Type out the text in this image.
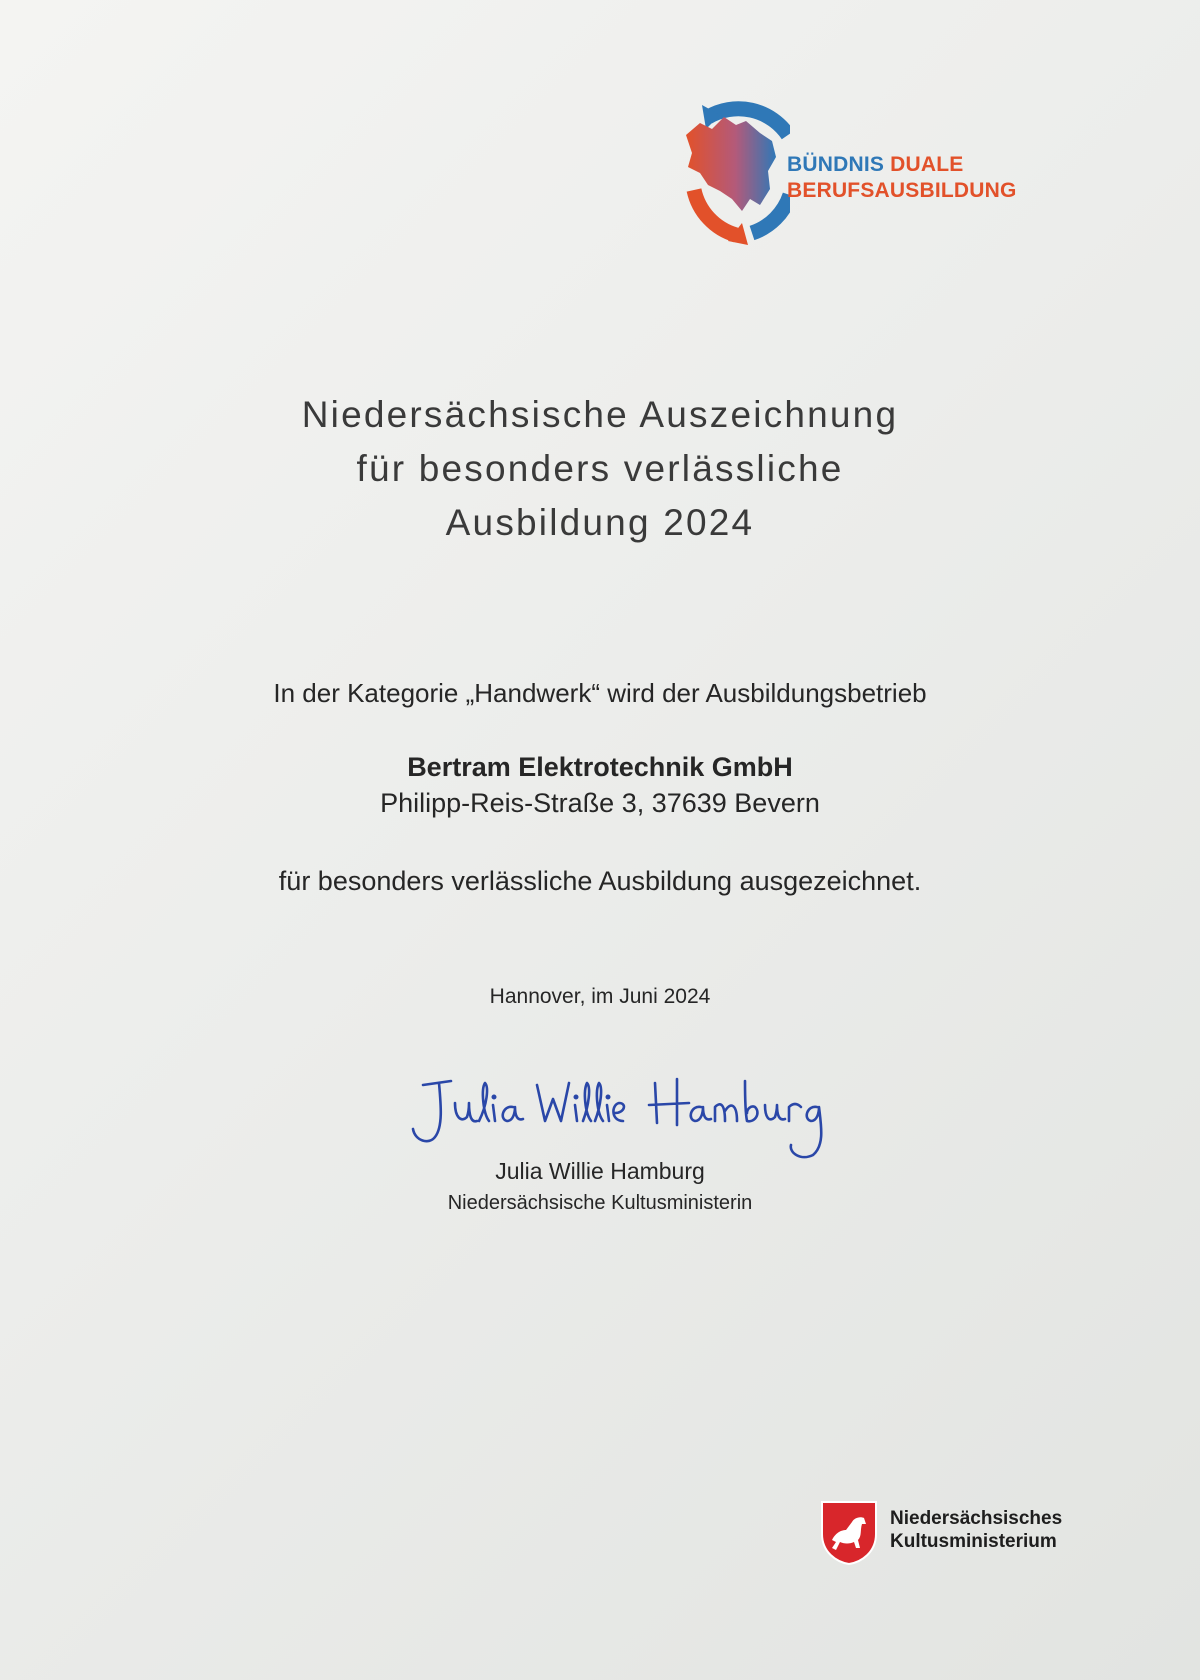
BÜNDNIS DUALE
BERUFSAUSBILDUNG
Niedersächsische Auszeichnung
für besonders verlässliche
Ausbildung 2024
In der Kategorie „Handwerk“ wird der Ausbildungsbetrieb
Bertram Elektrotechnik GmbH
Philipp-Reis-Straße 3, 37639 Bevern
für besonders verlässliche Ausbildung ausgezeichnet.
Hannover, im Juni 2024
Julia Willie Hamburg
Niedersächsische Kultusministerin
Niedersächsisches
Kultusministerium
